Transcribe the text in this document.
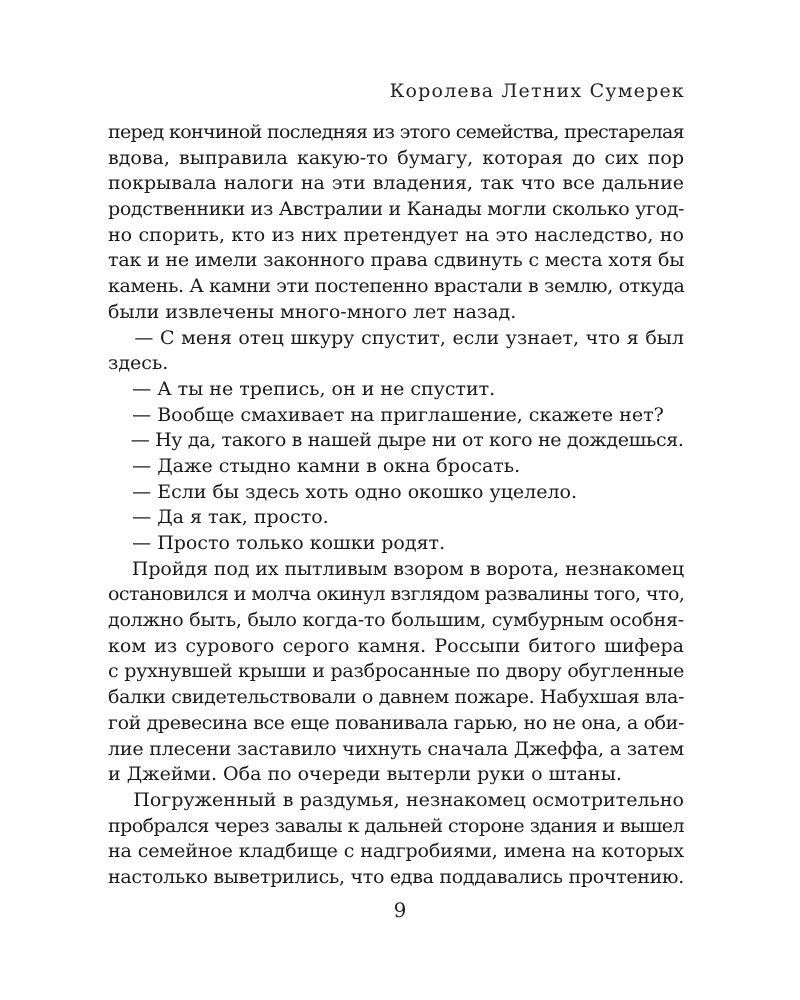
Королева Летних Сумерек
перед кончиной последняя из этого семейства, престарелая
вдова, выправила какую-то бумагу, которая до сих пор
покрывала налоги на эти владения, так что все дальние
родственники из Австралии и Канады могли сколько угод-
но спорить, кто из них претендует на это наследство, но
так и не имели законного права сдвинуть с места хотя бы
камень. А камни эти постепенно врастали в землю, откуда
были извлечены много-много лет назад.
— С меня отец шкуру спустит, если узнает, что я был
здесь.
— А ты не трепись, он и не спустит.
— Вообще смахивает на приглашение, скажете нет?
— Ну да, такого в нашей дыре ни от кого не дождешься.
— Даже стыдно камни в окна бросать.
— Если бы здесь хоть одно окошко уцелело.
— Да я так, просто.
— Просто только кошки родят.
Пройдя под их пытливым взором в ворота, незнакомец
остановился и молча окинул взглядом развалины того, что,
должно быть, было когда-то большим, сумбурным особня-
ком из сурового серого камня. Россыпи битого шифера
с рухнувшей крыши и разбросанные по двору обугленные
балки свидетельствовали о давнем пожаре. Набухшая вла-
гой древесина все еще пованивала гарью, но не она, а оби-
лие плесени заставило чихнуть сначала Джеффа, а затем
и Джейми. Оба по очереди вытерли руки о штаны.
Погруженный в раздумья, незнакомец осмотрительно
пробрался через завалы к дальней стороне здания и вышел
на семейное кладбище с надгробиями, имена на которых
настолько выветрились, что едва поддавались прочтению.
9
